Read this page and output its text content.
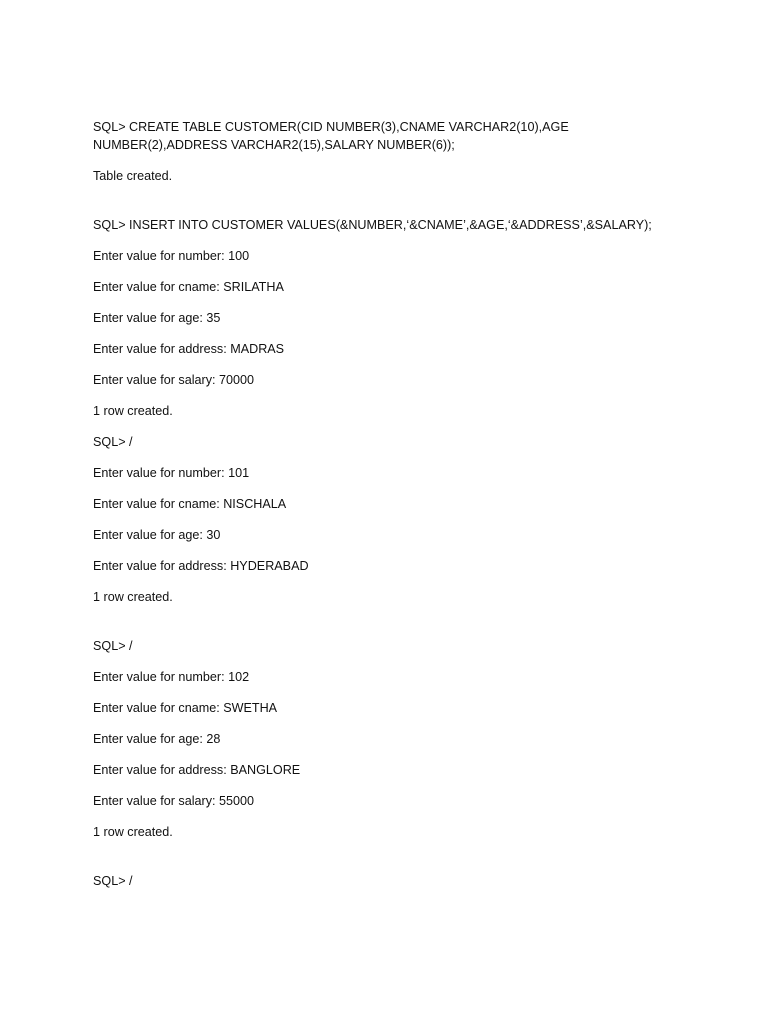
SQL> CREATE TABLE CUSTOMER(CID NUMBER(3),CNAME VARCHAR2(10),AGE NUMBER(2),ADDRESS VARCHAR2(15),SALARY NUMBER(6));

Table created.

SQL> INSERT INTO CUSTOMER VALUES(&NUMBER,‘&CNAME’,&AGE,‘&ADDRESS’,&SALARY);

Enter value for number: 100

Enter value for cname: SRILATHA

Enter value for age: 35

Enter value for address: MADRAS

Enter value for salary: 70000

1 row created.

SQL> /

Enter value for number: 101

Enter value for cname: NISCHALA

Enter value for age: 30

Enter value for address: HYDERABAD

1 row created.

SQL> /

Enter value for number: 102

Enter value for cname: SWETHA

Enter value for age: 28

Enter value for address: BANGLORE

Enter value for salary: 55000

1 row created.

SQL> /
